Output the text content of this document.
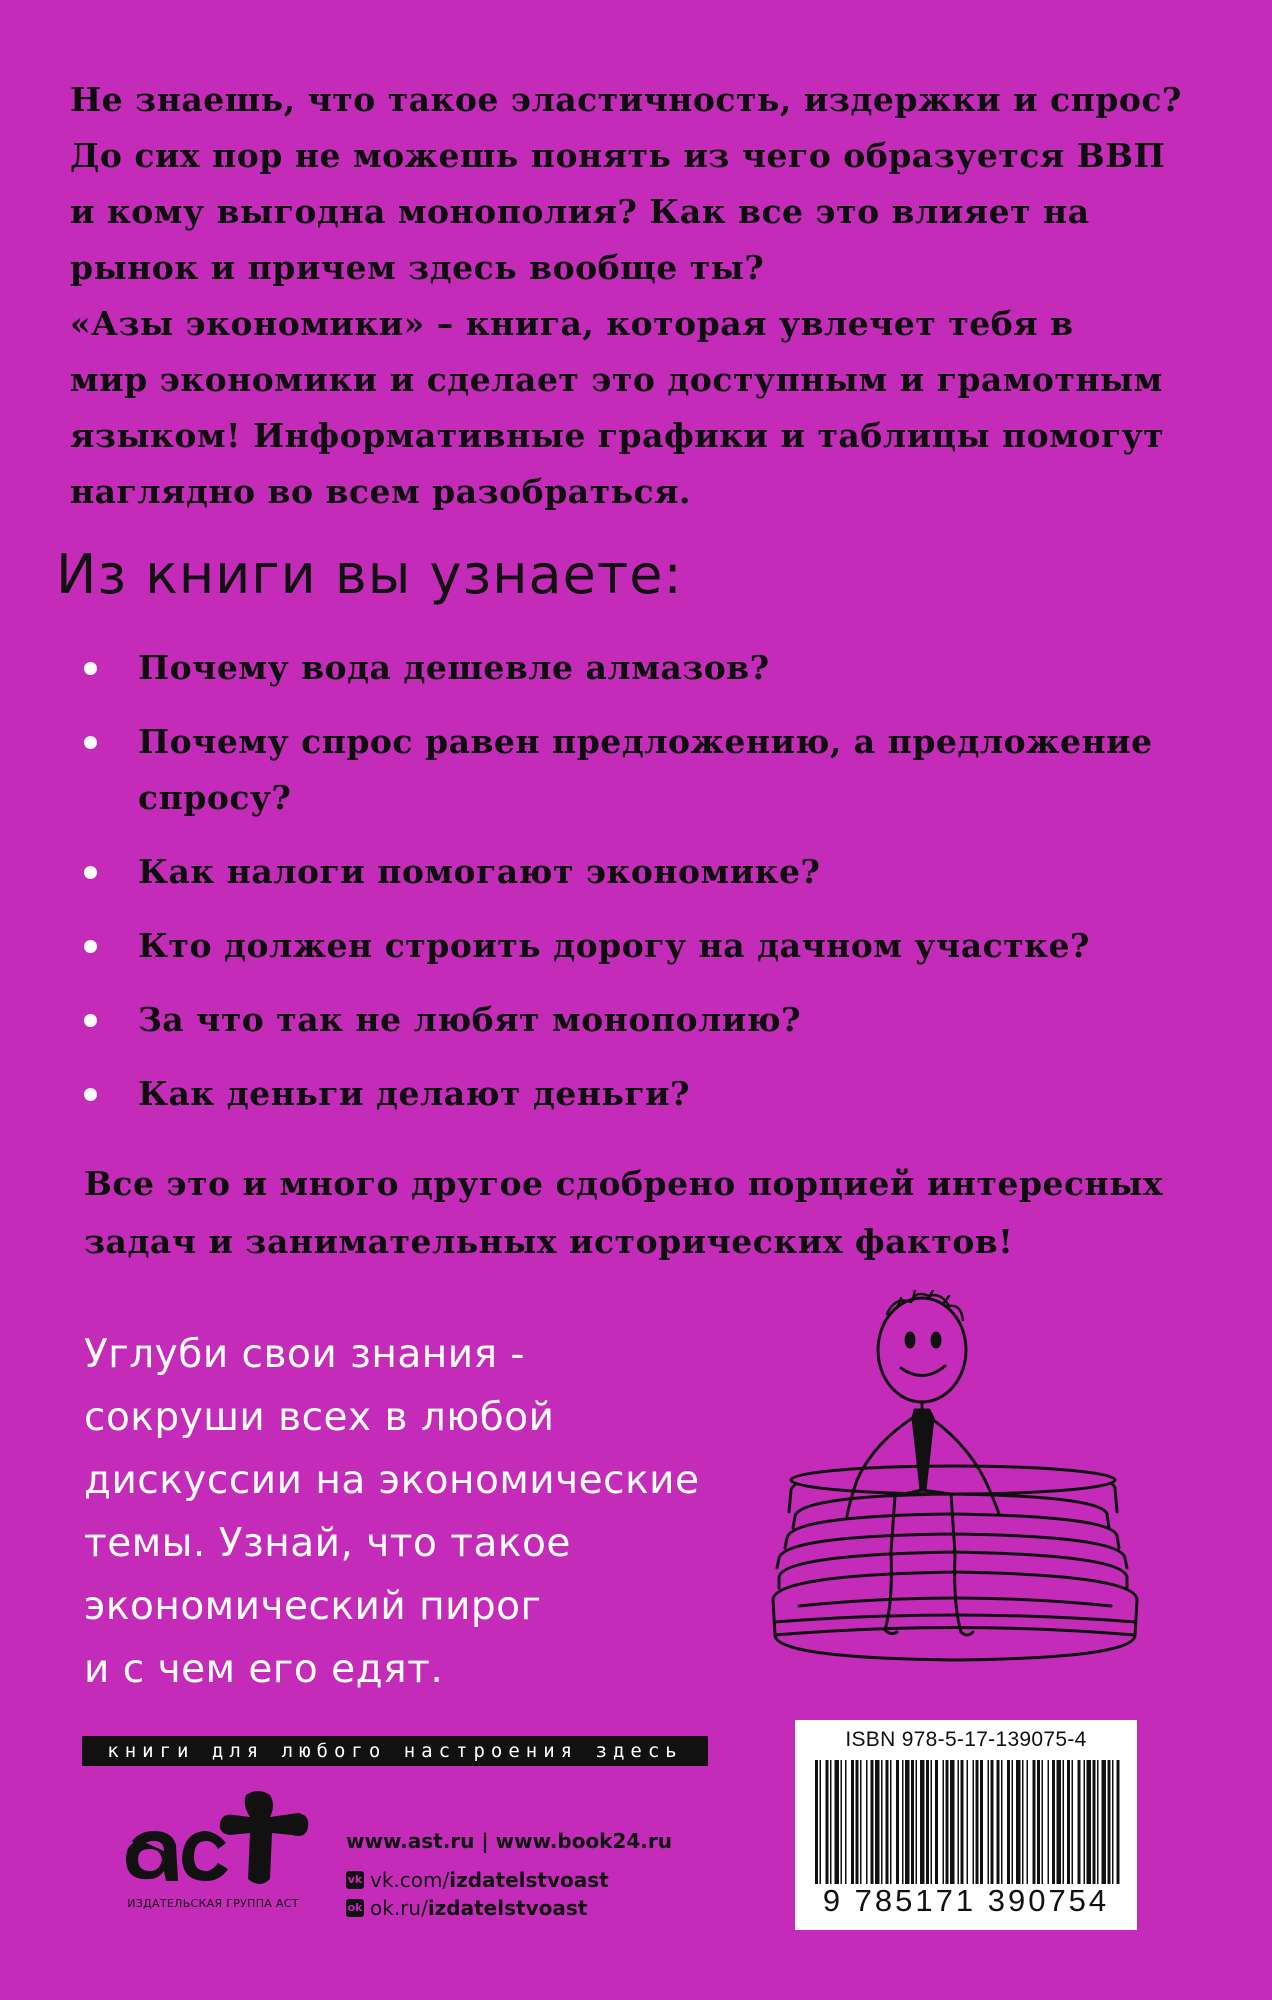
Не знаешь, что такое эластичность, издержки и спрос?

До сих пор не можешь понять из чего образуется ВВП

и кому выгодна монополия? Как все это влияет на

рынок и причем здесь вообще ты?

«Азы экономики» – книга, которая увлечет тебя в

мир экономики и сделает это доступным и грамотным

языком! Информативные графики и таблицы помогут

наглядно во всем разобраться.

Из книги вы узнаете:
Почему вода дешевле алмазов?
Почему спрос равен предложению, а предложение
спросу?
Как налоги помогают экономике?
Кто должен строить дорогу на дачном участке?
За что так не любят монополию?
Как деньги делают деньги?

Все это и много другое сдобрено порцией интересных

задач и занимательных исторических фактов!

Углуби свои знания -

сокруши всех в любой

дискуссии на экономические

темы. Узнай, что такое

экономический пирог

и с чем его едят.

книги для любого настроения здесь
ИЗДАТЕЛЬСКАЯ ГРУППА АСТ
www.ast.ru | www.book24.ru
vk vk.com/ izdatelstvoast
ok ok.ru/ izdatelstvoast
ISBN 978-5-17-139075-4
9 785171 390754
